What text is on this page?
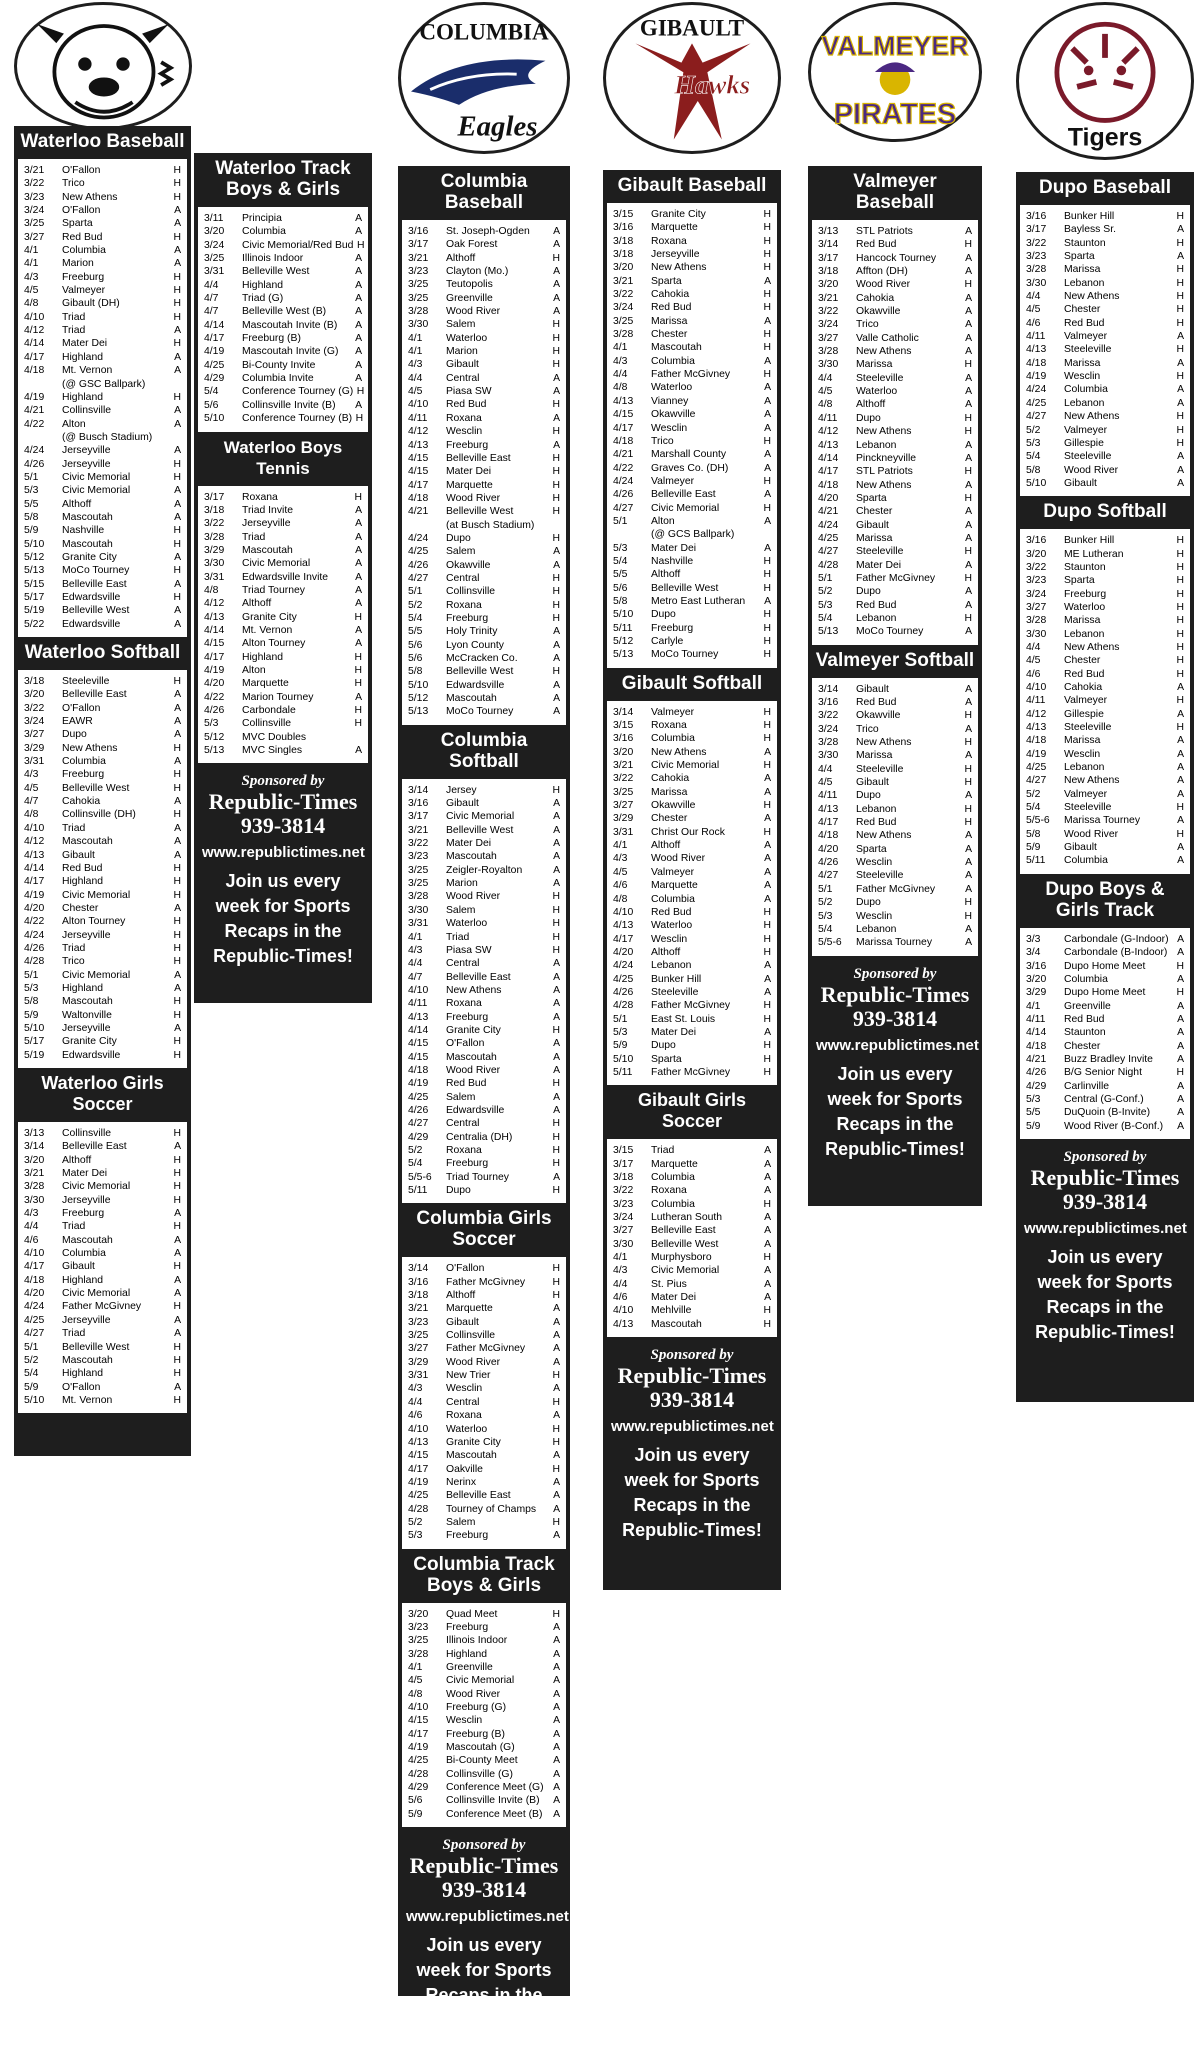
COLUMBIA
Eagles
GIBAULT
Hawks
VALMEYER
PIRATES
Tigers
Waterloo Baseball
3/21	O'Fallon	H
3/22	Trico	H
3/23	New Athens	H
3/24	O'Fallon	A
3/25	Sparta	A
3/27	Red Bud	H
4/1	Columbia	A
4/1	Marion	A
4/3	Freeburg	H
4/5	Valmeyer	H
4/8	Gibault (DH)	H
4/10	Triad	H
4/12	Triad	A
4/14	Mater Dei	H
4/17	Highland	A
4/18	Mt. Vernon	A
(@ GSC Ballpark)
4/19	Highland	H
4/21	Collinsville	A
4/22	Alton	A
(@ Busch Stadium)
4/24	Jerseyville	A
4/26	Jerseyville	H
5/1	Civic Memorial	H
5/3	Civic Memorial	A
5/5	Althoff	A
5/8	Mascoutah	A
5/9	Nashville	H
5/10	Mascoutah	H
5/12	Granite City	A
5/13	MoCo Tourney	H
5/15	Belleville East	A
5/17	Edwardsville	H
5/19	Belleville West	A
5/22	Edwardsville	A
Waterloo Softball
3/18	Steeleville	H
3/20	Belleville East	A
3/22	O'Fallon	A
3/24	EAWR	A
3/27	Dupo	A
3/29	New Athens	H
3/31	Columbia	A
4/3	Freeburg	H
4/5	Belleville West	H
4/7	Cahokia	A
4/8	Collinsville (DH)	H
4/10	Triad	A
4/12	Mascoutah	A
4/13	Gibault	A
4/14	Red Bud	H
4/17	Highland	H
4/19	Civic Memorial	H
4/20	Chester	A
4/22	Alton Tourney	H
4/24	Jerseyville	H
4/26	Triad	H
4/28	Trico	H
5/1	Civic Memorial	A
5/3	Highland	A
5/8	Mascoutah	H
5/9	Waltonville	H
5/10	Jerseyville	A
5/17	Granite City	H
5/19	Edwardsville	H
Waterloo Girls Soccer
3/13	Collinsville	H
3/14	Belleville East	A
3/20	Althoff	H
3/21	Mater Dei	H
3/28	Civic Memorial	H
3/30	Jerseyville	H
4/3	Freeburg	A
4/4	Triad	H
4/6	Mascoutah	A
4/10	Columbia	A
4/17	Gibault	H
4/18	Highland	A
4/20	Civic Memorial	A
4/24	Father McGivney	H
4/25	Jerseyville	A
4/27	Triad	A
5/1	Belleville West	H
5/2	Mascoutah	H
5/4	Highland	H
5/9	O'Fallon	A
5/10	Mt. Vernon	H
Waterloo Track Boys & Girls
3/11	Principia	A
3/20	Columbia	A
3/24	Civic Memorial/Red Bud H
3/25	Illinois Indoor	A
3/31	Belleville West	A
4/4	Highland	A
4/7	Triad (G)	A
4/7	Belleville West (B)	A
4/14	Mascoutah Invite (B)	A
4/17	Freeburg (B)	A
4/19	Mascoutah Invite (G)	A
4/25	Bi-County Invite	A
4/29	Columbia Invite	A
5/4	Conference Tourney (G) H
5/6	Collinsville Invite (B)	A
5/10	Conference Tourney (B) H
Waterloo Boys Tennis
3/17	Roxana	H
3/18	Triad Invite	A
3/22	Jerseyville	A
3/28	Triad	A
3/29	Mascoutah	A
3/30	Civic Memorial	A
3/31	Edwardsville Invite	A
4/8	Triad Tourney	A
4/12	Althoff	A
4/13	Granite City	H
4/14	Mt. Vernon	A
4/15	Alton Tourney	A
4/17	Highland	H
4/19	Alton	H
4/20	Marquette	H
4/22	Marion Tourney	A
4/26	Carbondale	H
5/3	Collinsville	H
5/12	MVC Doubles
5/13	MVC Singles	A
Sponsored by
Republic-Times
939-3814
www.republictimes.net
Join us every week for Sports Recaps in the Republic-Times!
Columbia Baseball
3/16	St. Joseph-Ogden	A
3/17	Oak Forest	A
3/21	Althoff	H
3/23	Clayton (Mo.)	A
3/25	Teutopolis	A
3/25	Greenville	A
3/28	Wood River	A
3/30	Salem	H
4/1	Waterloo	H
4/1	Marion	H
4/3	Gibault	H
4/4	Central	A
4/5	Piasa SW	A
4/10	Red Bud	H
4/11	Roxana	A
4/12	Wesclin	H
4/13	Freeburg	A
4/15	Belleville East	H
4/15	Mater Dei	H
4/17	Marquette	H
4/18	Wood River	H
4/21	Belleville West	H
(at Busch Stadium)
4/24	Dupo	H
4/25	Salem	A
4/26	Okawville	A
4/27	Central	H
5/1	Collinsville	H
5/2	Roxana	H
5/4	Freeburg	H
5/5	Holy Trinity	A
5/6	Lyon County	A
5/6	McCracken Co.	A
5/8	Belleville West	H
5/10	Edwardsville	A
5/12	Mascoutah	A
5/13	MoCo Tourney	A
Columbia Softball
3/14	Jersey	H
3/16	Gibault	A
3/17	Civic Memorial	A
3/21	Belleville West	A
3/22	Mater Dei	A
3/23	Mascoutah	A
3/25	Zeigler-Royalton	A
3/25	Marion	A
3/28	Wood River	H
3/30	Salem	H
3/31	Waterloo	H
4/1	Triad	H
4/3	Piasa SW	H
4/4	Central	A
4/7	Belleville East	A
4/10	New Athens	A
4/11	Roxana	A
4/13	Freeburg	A
4/14	Granite City	H
4/15	O'Fallon	A
4/15	Mascoutah	A
4/18	Wood River	A
4/19	Red Bud	H
4/25	Salem	A
4/26	Edwardsville	A
4/27	Central	H
4/29	Centralia (DH)	H
5/2	Roxana	H
5/4	Freeburg	H
5/5-6	Triad Tourney	A
5/11	Dupo	H
Columbia Girls Soccer
3/14	O'Fallon	H
3/16	Father McGivney	H
3/18	Althoff	H
3/21	Marquette	A
3/23	Gibault	A
3/25	Collinsville	A
3/27	Father McGivney	A
3/29	Wood River	A
3/31	New Trier	H
4/3	Wesclin	A
4/4	Central	H
4/6	Roxana	A
4/10	Waterloo	H
4/13	Granite City	H
4/15	Mascoutah	A
4/17	Oakville	H
4/19	Nerinx	A
4/25	Belleville East	A
4/28	Tourney of Champs	A
5/2	Salem	H
5/3	Freeburg	A
Columbia Track Boys & Girls
3/20	Quad Meet	H
3/23	Freeburg	A
3/25	Illinois Indoor	A
3/28	Highland	A
4/1	Greenville	A
4/5	Civic Memorial	A
4/8	Wood River	A
4/10	Freeburg (G)	A
4/15	Wesclin	A
4/17	Freeburg (B)	A
4/19	Mascoutah (G)	A
4/25	Bi-County Meet	A
4/28	Collinsville (G)	A
4/29	Conference Meet (G) A
5/6	Collinsville Invite (B)	A
5/9	Conference Meet (B)	A
Sponsored by
Republic-Times
939-3814
www.republictimes.net
Join us every week for Sports Recaps in the Republic-Times!
Gibault Baseball
3/15	Granite City	H
3/16	Marquette	H
3/18	Roxana	H
3/18	Jerseyville	H
3/20	New Athens	H
3/21	Sparta	A
3/22	Cahokia	H
3/24	Red Bud	H
3/25	Marissa	A
3/28	Chester	H
4/1	Mascoutah	H
4/3	Columbia	A
4/4	Father McGivney	H
4/8	Waterloo	A
4/13	Vianney	A
4/15	Okawville	A
4/17	Wesclin	A
4/18	Trico	H
4/21	Marshall County	A
4/22	Graves Co. (DH)	A
4/24	Valmeyer	H
4/26	Belleville East	A
4/27	Civic Memorial	H
5/1	Alton	A
(@ GCS Ballpark)
5/3	Mater Dei	A
5/4	Nashville	H
5/5	Althoff	H
5/6	Belleville West	H
5/8	Metro East Lutheran	A
5/10	Dupo	H
5/11	Freeburg	H
5/12	Carlyle	H
5/13	MoCo Tourney	H
Gibault Softball
3/14	Valmeyer	H
3/15	Roxana	H
3/16	Columbia	H
3/20	New Athens	A
3/21	Civic Memorial	H
3/22	Cahokia	A
3/25	Marissa	A
3/27	Okawville	H
3/29	Chester	A
3/31	Christ Our Rock	H
4/1	Althoff	A
4/3	Wood River	A
4/5	Valmeyer	A
4/6	Marquette	A
4/8	Columbia	A
4/10	Red Bud	H
4/13	Waterloo	H
4/17	Wesclin	H
4/20	Althoff	H
4/24	Lebanon	A
4/25	Bunker Hill	A
4/26	Steeleville	A
4/28	Father McGivney	H
5/1	East St. Louis	H
5/3	Mater Dei	A
5/9	Dupo	H
5/10	Sparta	H
5/11	Father McGivney	H
Gibault Girls Soccer
3/15	Triad	A
3/17	Marquette	A
3/18	Columbia	A
3/22	Roxana	A
3/23	Columbia	H
3/24	Lutheran South	A
3/27	Belleville East	A
3/30	Belleville West	A
4/1	Murphysboro	H
4/3	Civic Memorial	A
4/4	St. Pius	A
4/6	Mater Dei	A
4/10	Mehlville	H
4/13	Mascoutah	H
Sponsored by
Republic-Times
939-3814
www.republictimes.net
Join us every week for Sports Recaps in the Republic-Times!
Valmeyer Baseball
3/13	STL Patriots	A
3/14	Red Bud	H
3/17	Hancock Tourney	A
3/18	Affton (DH)	A
3/20	Wood River	H
3/21	Cahokia	A
3/22	Okawville	A
3/24	Trico	A
3/27	Valle Catholic	A
3/28	New Athens	A
3/30	Marissa	H
4/4	Steeleville	A
4/5	Waterloo	A
4/8	Althoff	A
4/11	Dupo	H
4/12	New Athens	H
4/13	Lebanon	A
4/14	Pinckneyville	A
4/17	STL Patriots	H
4/18	New Athens	A
4/20	Sparta	H
4/21	Chester	A
4/24	Gibault	A
4/25	Marissa	A
4/27	Steeleville	H
4/28	Mater Dei	A
5/1	Father McGivney	H
5/2	Dupo	A
5/3	Red Bud	A
5/4	Lebanon	H
5/13	MoCo Tourney	A
Valmeyer Softball
3/14	Gibault	A
3/16	Red Bud	A
3/22	Okawville	H
3/24	Trico	A
3/28	New Athens	H
3/30	Marissa	A
4/4	Steeleville	H
4/5	Gibault	H
4/11	Dupo	A
4/13	Lebanon	H
4/17	Red Bud	H
4/18	New Athens	A
4/20	Sparta	A
4/26	Wesclin	A
4/27	Steeleville	A
5/1	Father McGivney	A
5/2	Dupo	H
5/3	Wesclin	H
5/4	Lebanon	A
5/5-6	Marissa Tourney	A
Sponsored by
Republic-Times
939-3814
www.republictimes.net
Join us every week for Sports Recaps in the Republic-Times!
Dupo Baseball
3/16	Bunker Hill	H
3/17	Bayless Sr.	A
3/22	Staunton	H
3/23	Sparta	A
3/28	Marissa	H
3/30	Lebanon	H
4/4	New Athens	H
4/5	Chester	H
4/6	Red Bud	H
4/11	Valmeyer	A
4/13	Steeleville	H
4/18	Marissa	A
4/19	Wesclin	H
4/24	Columbia	A
4/25	Lebanon	A
4/27	New Athens	H
5/2	Valmeyer	H
5/3	Gillespie	H
5/4	Steeleville	A
5/8	Wood River	A
5/10	Gibault	A
Dupo Softball
3/16	Bunker Hill	H
3/20	ME Lutheran	H
3/22	Staunton	H
3/23	Sparta	H
3/24	Freeburg	H
3/27	Waterloo	H
3/28	Marissa	H
3/30	Lebanon	H
4/4	New Athens	H
4/5	Chester	H
4/6	Red Bud	H
4/10	Cahokia	A
4/11	Valmeyer	H
4/12	Gillespie	A
4/13	Steeleville	H
4/18	Marissa	A
4/19	Wesclin	A
4/25	Lebanon	A
4/27	New Athens	A
5/2	Valmeyer	A
5/4	Steeleville	H
5/5-6	Marissa Tourney	A
5/8	Wood River	H
5/9	Gibault	A
5/11	Columbia	A
Dupo Boys & Girls Track
3/3	Carbondale (G-Indoor) A
3/4	Carbondale (B-Indoor) A
3/16	Dupo Home Meet	H
3/20	Columbia	A
3/29	Dupo Home Meet	H
4/1	Greenville	A
4/11	Red Bud	A
4/14	Staunton	A
4/18	Chester	A
4/21	Buzz Bradley Invite	A
4/26	B/G Senior Night	H
4/29	Carlinville	A
5/3	Central (G-Conf.)	A
5/5	DuQuoin (B-Invite)	A
5/9	Wood River (B-Conf.)	A
Sponsored by
Republic-Times
939-3814
www.republictimes.net
Join us every week for Sports Recaps in the Republic-Times!
